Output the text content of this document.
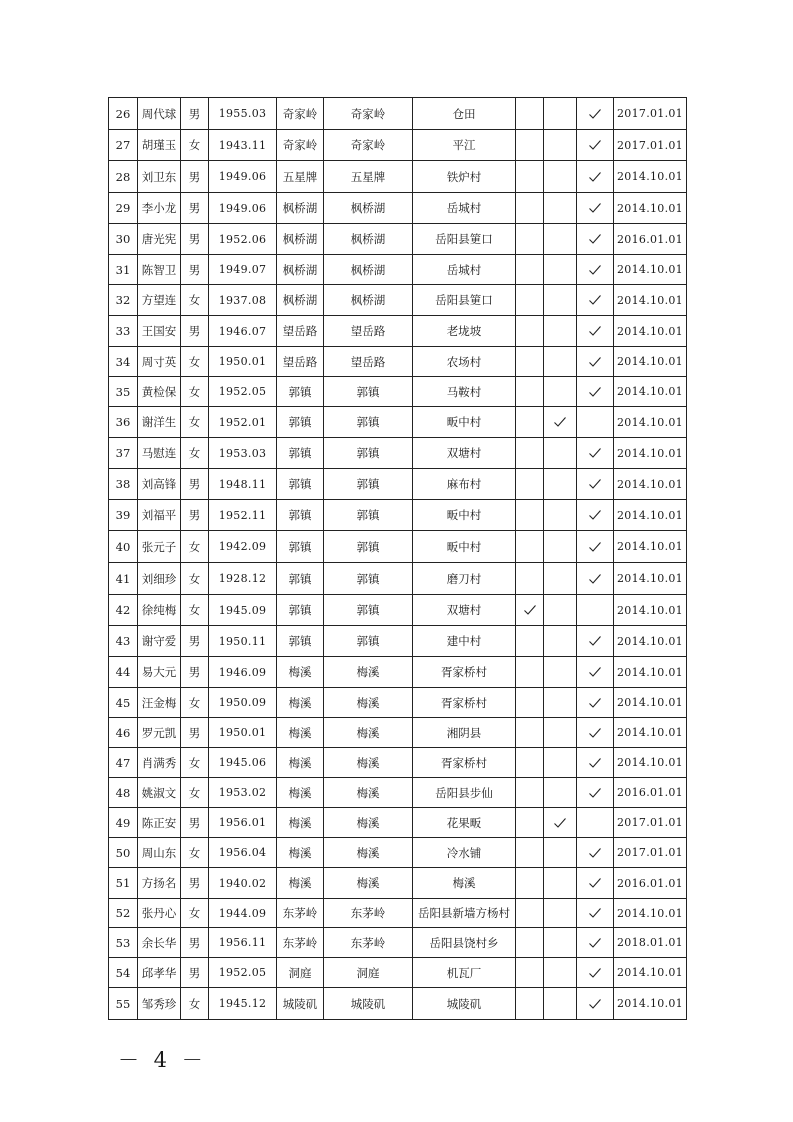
26	周代球	男	1955.03	奇家岭	奇家岭	仓田				2017.01.01
27	胡瑾玉	女	1943.11	奇家岭	奇家岭	平江				2017.01.01
28	刘卫东	男	1949.06	五星牌	五星牌	铁炉村				2014.10.01
29	李小龙	男	1949.06	枫桥湖	枫桥湖	岳城村				2014.10.01
30	唐光宪	男	1952.06	枫桥湖	枫桥湖	岳阳县筻口				2016.01.01
31	陈智卫	男	1949.07	枫桥湖	枫桥湖	岳城村				2014.10.01
32	方望连	女	1937.08	枫桥湖	枫桥湖	岳阳县筻口				2014.10.01
33	王国安	男	1946.07	望岳路	望岳路	老垅坡				2014.10.01
34	周寸英	女	1950.01	望岳路	望岳路	农场村				2014.10.01
35	黄检保	女	1952.05	郭镇	郭镇	马鞍村				2014.10.01
36	谢洋生	女	1952.01	郭镇	郭镇	畈中村				2014.10.01
37	马慰连	女	1953.03	郭镇	郭镇	双塘村				2014.10.01
38	刘高锋	男	1948.11	郭镇	郭镇	麻布村				2014.10.01
39	刘福平	男	1952.11	郭镇	郭镇	畈中村				2014.10.01
40	张元子	女	1942.09	郭镇	郭镇	畈中村				2014.10.01
41	刘细珍	女	1928.12	郭镇	郭镇	磨刀村				2014.10.01
42	徐纯梅	女	1945.09	郭镇	郭镇	双塘村				2014.10.01
43	谢守爱	男	1950.11	郭镇	郭镇	建中村				2014.10.01
44	易大元	男	1946.09	梅溪	梅溪	胥家桥村				2014.10.01
45	汪金梅	女	1950.09	梅溪	梅溪	胥家桥村				2014.10.01
46	罗元凯	男	1950.01	梅溪	梅溪	湘阴县				2014.10.01
47	肖满秀	女	1945.06	梅溪	梅溪	胥家桥村				2014.10.01
48	姚淑文	女	1953.02	梅溪	梅溪	岳阳县步仙				2016.01.01
49	陈正安	男	1956.01	梅溪	梅溪	花果畈				2017.01.01
50	周山东	女	1956.04	梅溪	梅溪	冷水铺				2017.01.01
51	方扬名	男	1940.02	梅溪	梅溪	梅溪				2016.01.01
52	张丹心	女	1944.09	东茅岭	东茅岭	岳阳县新墙方杨村				2014.10.01
53	余长华	男	1956.11	东茅岭	东茅岭	岳阳县饶村乡				2018.01.01
54	邱孝华	男	1952.05	洞庭	洞庭	机瓦厂				2014.10.01
55	邹秀珍	女	1945.12	城陵矶	城陵矶	城陵矶				2014.10.01
－ 4 －
